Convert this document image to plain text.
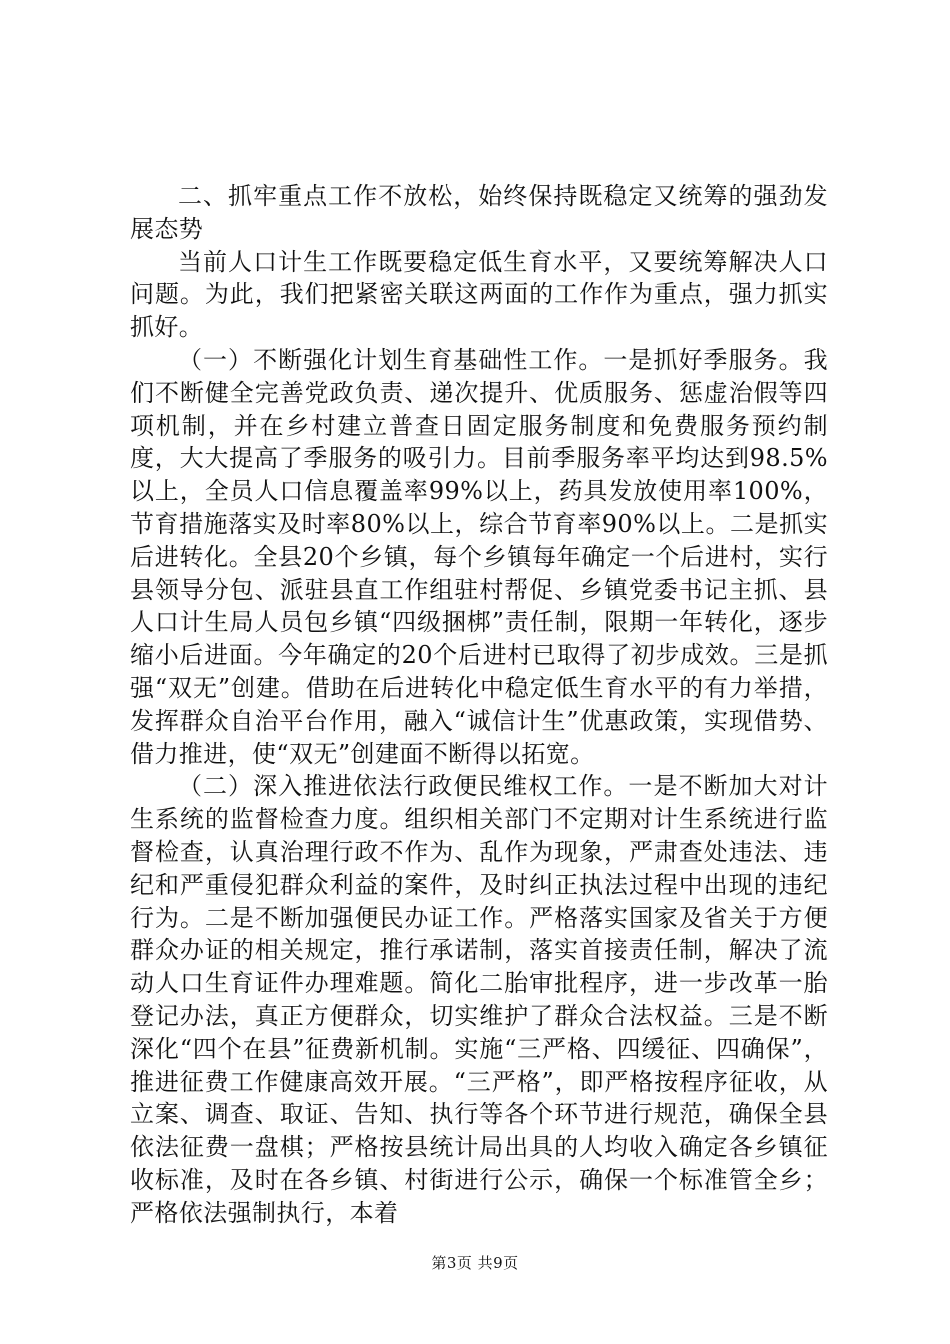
二、抓牢重点工作不放松，始终保持既稳定又统筹的强劲发展态势

当前人口计生工作既要稳定低生育水平，又要统筹解决人口问题。为此，我们把紧密关联这两面的工作作为重点，强力抓实抓好。

（一）不断强化计划生育基础性工作。一是抓好季服务。我们不断健全完善党政负责、递次提升、优质服务、惩虚治假等四项机制，并在乡村建立普查日固定服务制度和免费服务预约制度，大大提高了季服务的吸引力。目前季服务率平均达到98.5%以上，全员人口信息覆盖率99%以上，药具发放使用率100%，节育措施落实及时率80%以上，综合节育率90%以上。二是抓实后进转化。全县20个乡镇，每个乡镇每年确定一个后进村，实行县领导分包、派驻县直工作组驻村帮促、乡镇党委书记主抓、县人口计生局人员包乡镇“四级捆梆”责任制，限期一年转化，逐步缩小后进面。今年确定的20个后进村已取得了初步成效。三是抓强“双无”创建。借助在后进转化中稳定低生育水平的有力举措，发挥群众自治平台作用，融入“诚信计生”优惠政策，实现借势、借力推进，使“双无”创建面不断得以拓宽。

（二）深入推进依法行政便民维权工作。一是不断加大对计生系统的监督检查力度。组织相关部门不定期对计生系统进行监督检查，认真治理行政不作为、乱作为现象，严肃查处违法、违纪和严重侵犯群众利益的案件，及时纠正执法过程中出现的违纪行为。二是不断加强便民办证工作。严格落实国家及省关于方便群众办证的相关规定，推行承诺制，落实首接责任制，解决了流动人口生育证件办理难题。简化二胎审批程序，进一步改革一胎登记办法，真正方便群众，切实维护了群众合法权益。三是不断深化“四个在县”征费新机制。实施“三严格、四缓征、四确保”，推进征费工作健康高效开展。“三严格”，即严格按程序征收，从立案、调查、取证、告知、执行等各个环节进行规范，确保全县依法征费一盘棋；严格按县统计局出具的人均收入确定各乡镇征收标准，及时在各乡镇、村街进行公示，确保一个标准管全乡；严格依法强制执行，本着

第3页 共9页
